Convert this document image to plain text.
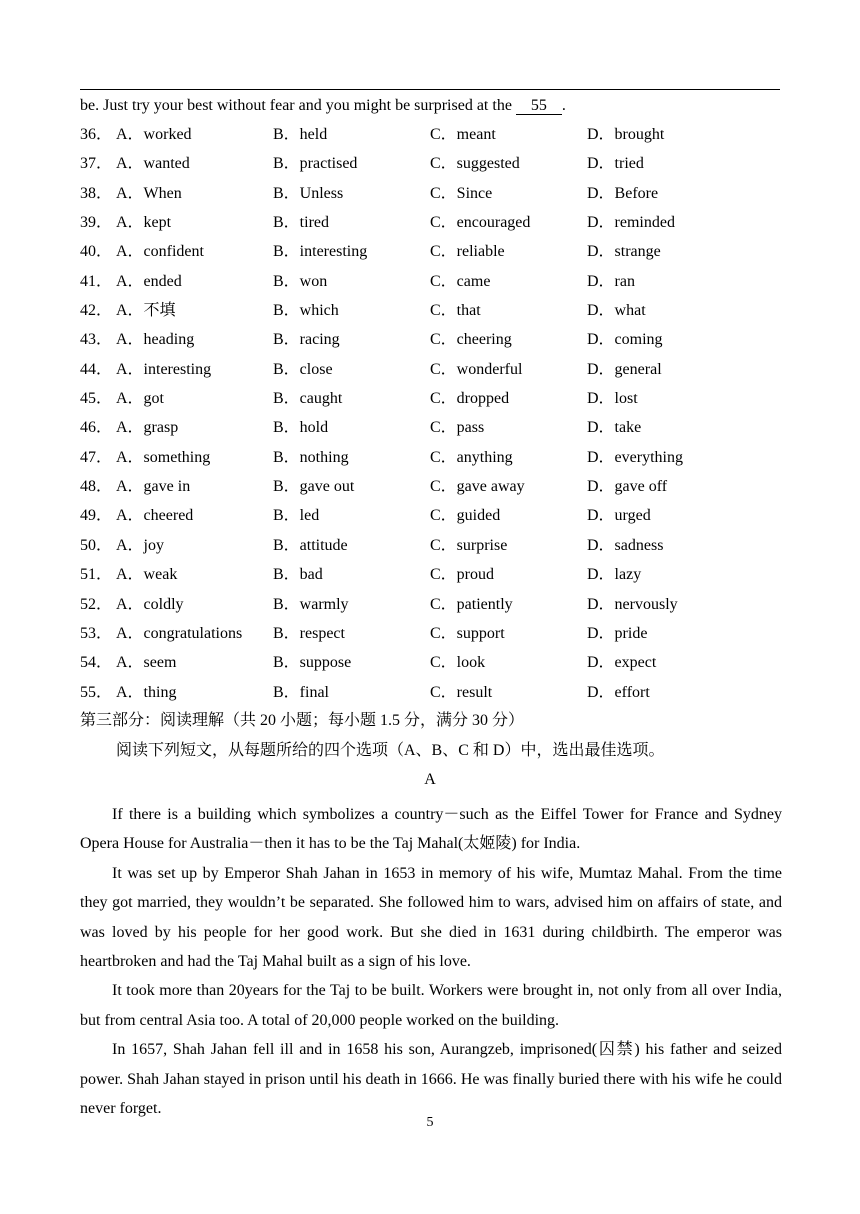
be. Just try your best without fear and you might be surprised at the 55 .
36． A．worked	B．held	C．meant	D．brought
37． A．wanted	B．practised	C．suggested	D．tried
38． A．When	B．Unless	C．Since	D．Before
39． A．kept	B．tired	C．encouraged	D．reminded
40． A．confident	B．interesting	C．reliable	D．strange
41． A．ended	B．won	C．came	D．ran
42． A．不填	B．which	C．that	D．what
43． A．heading	B．racing	C．cheering	D．coming
44． A．interesting	B．close	C．wonderful	D．general
45． A．got	B．caught	C．dropped	D．lost
46． A．grasp	B．hold	C．pass	D．take
47． A．something	B．nothing	C．anything	D．everything
48． A．gave in	B．gave out	C．gave away	D．gave off
49． A．cheered	B．led	C．guided	D．urged
50． A．joy	B．attitude	C．surprise	D．sadness
51． A．weak	B．bad	C．proud	D．lazy
52． A．coldly	B．warmly	C．patiently	D．nervously
53． A．congratulations B．respect	C．support	D．pride
54． A．seem	B．suppose	C．look	D．expect
55． A．thing	B．final	C．result	D．effort
第三部分：阅读理解（共 20 小题；每小题 1.5 分，满分 30 分）
阅读下列短文，从每题所给的四个选项（A、B、C 和 D）中，选出最佳选项。
A

If there is a building which symbolizes a country－such as the Eiffel Tower for France and Sydney Opera House for Australia－then it has to be the Taj Mahal(太姬陵) for India.

It was set up by Emperor Shah Jahan in 1653 in memory of his wife, Mumtaz Mahal. From the time they got married, they wouldn’t be separated. She followed him to wars, advised him on affairs of state, and was loved by his people for her good work. But she died in 1631 during childbirth. The emperor was heartbroken and had the Taj Mahal built as a sign of his love.

It took more than 20years for the Taj to be built. Workers were brought in, not only from all over India, but from central Asia too. A total of 20,000 people worked on the building.

In 1657, Shah Jahan fell ill and in 1658 his son, Aurangzeb, imprisoned(囚禁) his father and seized power. Shah Jahan stayed in prison until his death in 1666. He was finally buried there with his wife he could never forget.

5
